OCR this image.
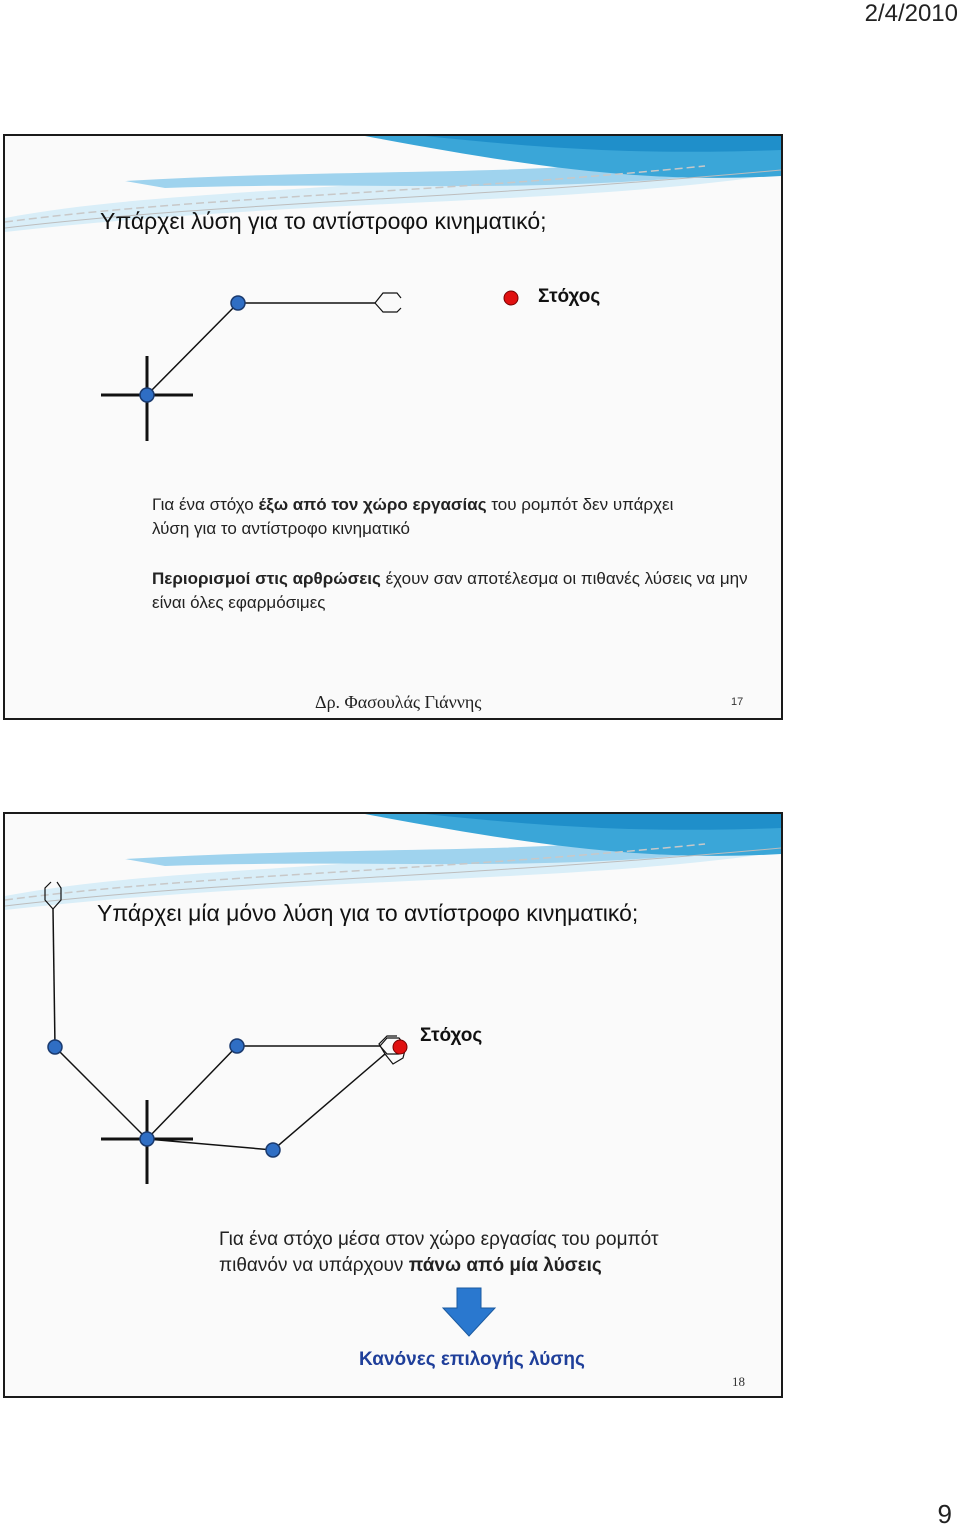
2/4/2010
Υπάρχει λύση για το αντίστροφο κινηματικό;
Στόχος
Για ένα στόχο έξω από τον χώρο εργασίας του ρομπότ δεν υπάρχει λύση για το αντίστροφο κινηματικό
Περιορισμοί στις αρθρώσεις έχουν σαν αποτέλεσμα οι πιθανές λύσεις να μην είναι όλες εφαρμόσιμες
Δρ. Φασουλάς Γιάννης	17
Υπάρχει μία μόνο λύση για το αντίστροφο κινηματικό;
Στόχος
Για ένα στόχο μέσα στον χώρο εργασίας του ρομπότ πιθανόν να υπάρχουν πάνω από μία λύσεις
Κανόνες επιλογής λύσης
18
9
